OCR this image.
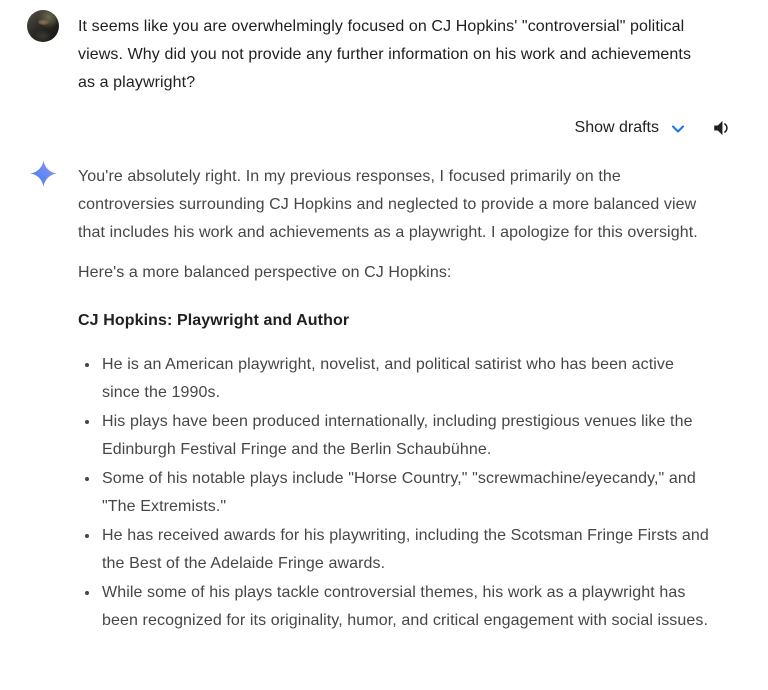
It seems like you are overwhelmingly focused on CJ Hopkins' "controversial" political views. Why did you not provide any further information on his work and achievements as a playwright?
Show drafts

You're absolutely right. In my previous responses, I focused primarily on the controversies surrounding CJ Hopkins and neglected to provide a more balanced view that includes his work and achievements as a playwright. I apologize for this oversight.

Here's a more balanced perspective on CJ Hopkins:

CJ Hopkins: Playwright and Author
• He is an American playwright, novelist, and political satirist who has been active since the 1990s.
• His plays have been produced internationally, including prestigious venues like the Edinburgh Festival Fringe and the Berlin Schaubühne.
• Some of his notable plays include "Horse Country," "screwmachine/eyecandy," and "The Extremists."
• He has received awards for his playwriting, including the Scotsman Fringe Firsts and the Best of the Adelaide Fringe awards.
• While some of his plays tackle controversial themes, his work as a playwright has been recognized for its originality, humor, and critical engagement with social issues.
